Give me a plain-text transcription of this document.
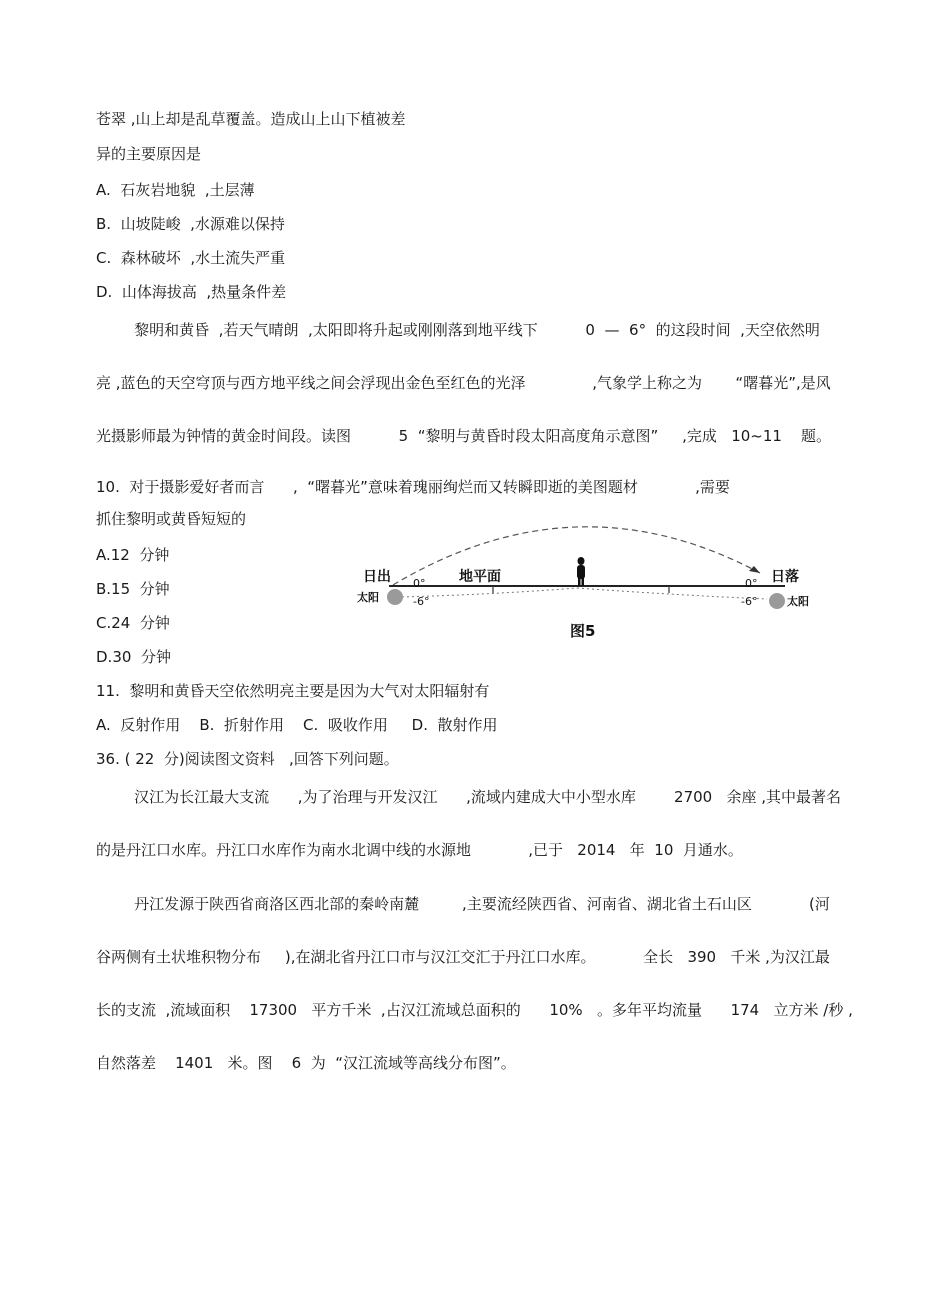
苍翠 ,山上却是乱草覆盖。造成山上山下植被差
异的主要原因是
A.  石灰岩地貌  ,土层薄
B.  山坡陡峻  ,水源难以保持
C.  森林破坏  ,水土流失严重
D.  山体海拔高  ,热量条件差
黎明和黄昏  ,若天气晴朗  ,太阳即将升起或刚刚落到地平线下          0  —  6°  的这段时间  ,天空依然明
亮 ,蓝色的天空穹顶与西方地平线之间会浮现出金色至红色的光泽              ,气象学上称之为       “曙暮光”,是风
光摄影师最为钟情的黄金时间段。读图          5  “黎明与黄昏时段太阳高度角示意图”     ,完成   10~11    题。
10.  对于摄影爱好者而言      ,  “曙暮光”意味着瑰丽绚烂而又转瞬即逝的美图题材            ,需要
抓住黎明或黄昏短短的
A.12  分钟
B.15  分钟
C.24  分钟
D.30  分钟
日出	地平面	日落
太阳	太阳
0°
-6°
0°
-6°
图5
11.  黎明和黄昏天空依然明亮主要是因为大气对太阳辐射有
A.  反射作用    B.  折射作用    C.  吸收作用     D.  散射作用
36. ( 22  分)阅读图文资料   ,回答下列问题。
汉江为长江最大支流      ,为了治理与开发汉江      ,流域内建成大中小型水库        2700   余座 ,其中最著名
的是丹江口水库。丹江口水库作为南水北调中线的水源地            ,已于   2014   年  10  月通水。
丹江发源于陕西省商洛区西北部的秦岭南麓         ,主要流经陕西省、河南省、湖北省土石山区            (河
谷两侧有土状堆积物分布     ),在湖北省丹江口市与汉江交汇于丹江口水库。          全长   390   千米 ,为汉江最
长的支流  ,流域面积    17300   平方千米  ,占汉江流域总面积的      10%   。多年平均流量      174   立方米 /秒 ,
自然落差    1401   米。图    6  为  “汉江流域等高线分布图”。
